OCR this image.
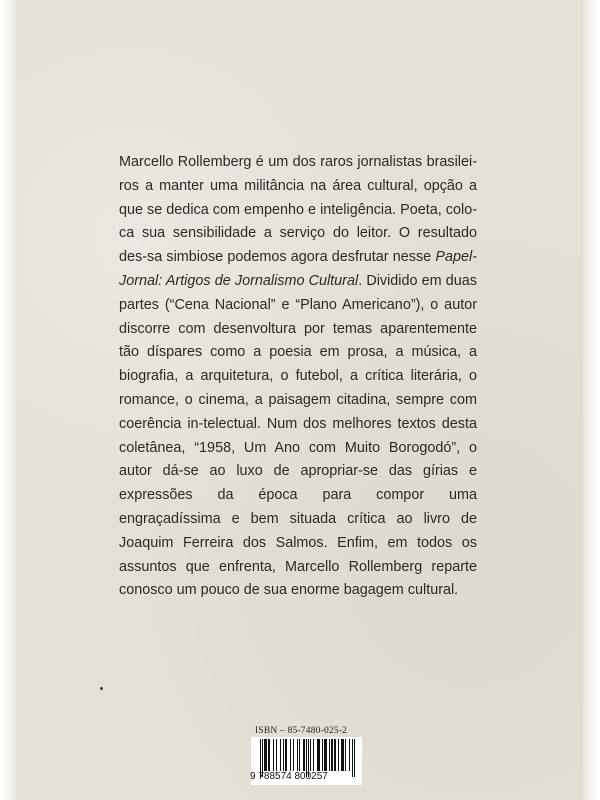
Marcello Rollemberg é um dos raros jornalistas brasilei-ros a manter uma militância na área cultural, opção a que se dedica com empenho e inteligência. Poeta, colo-ca sua sensibilidade a serviço do leitor. O resultado des-sa simbiose podemos agora desfrutar nesse Papel-Jornal: Artigos de Jornalismo Cultural. Dividido em duas partes (“Cena Nacional” e “Plano Americano”), o autor discorre com desenvoltura por temas aparentemente tão díspares como a poesia em prosa, a música, a biografia, a arquitetura, o futebol, a crítica literária, o romance, o cinema, a paisagem citadina, sempre com coerência in-telectual. Num dos melhores textos desta coletânea, “1958, Um Ano com Muito Borogodó”, o autor dá-se ao luxo de apropriar-se das gírias e expressões da época para compor uma engraçadíssima e bem situada crítica ao livro de Joaquim Ferreira dos Salmos. Enfim, em todos os assuntos que enfrenta, Marcello Rollemberg reparte conosco um pouco de sua enorme bagagem cultural.

ISBN – 85-7480-025-2
9 788574 800257
